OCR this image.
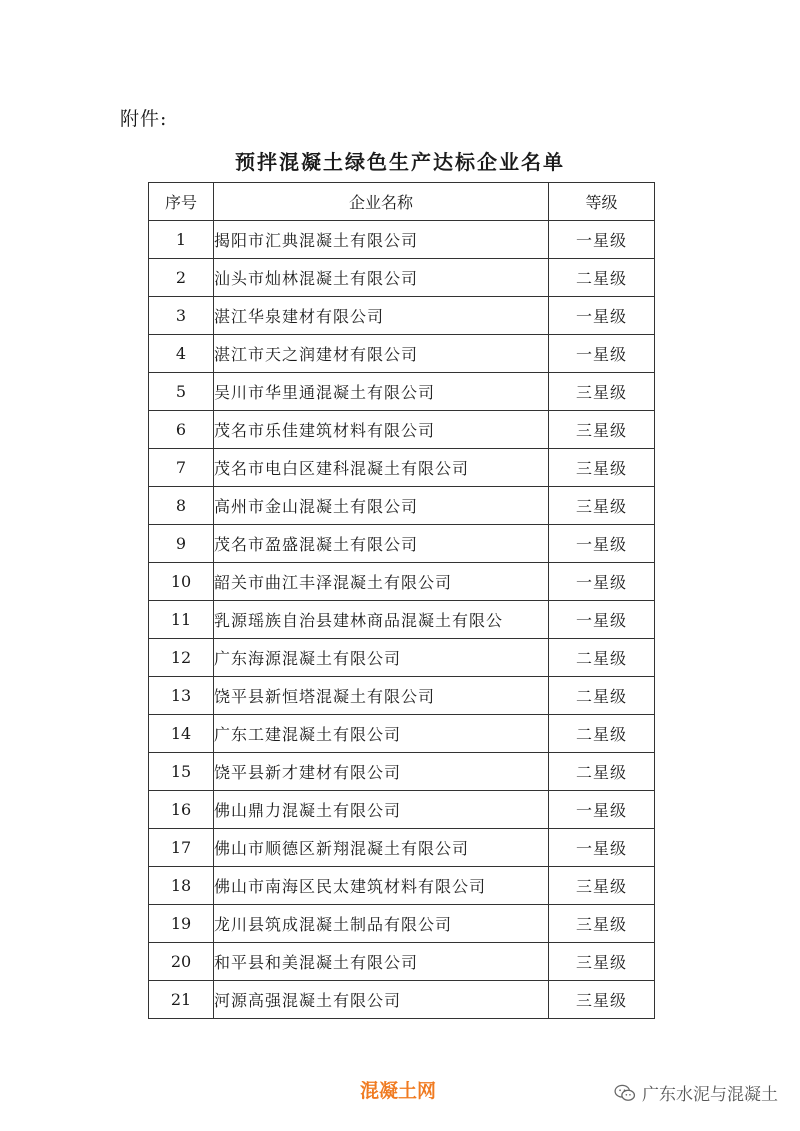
附件:
预拌混凝土绿色生产达标企业名单
序号	企业名称	等级
1	揭阳市汇典混凝土有限公司	一星级
2	汕头市灿林混凝土有限公司	二星级
3	湛江华泉建材有限公司	一星级
4	湛江市天之润建材有限公司	一星级
5	吴川市华里通混凝土有限公司	三星级
6	茂名市乐佳建筑材料有限公司	三星级
7	茂名市电白区建科混凝土有限公司	三星级
8	高州市金山混凝土有限公司	三星级
9	茂名市盈盛混凝土有限公司	一星级
10	韶关市曲江丰泽混凝土有限公司	一星级
11	乳源瑶族自治县建林商品混凝土有限公	一星级
12	广东海源混凝土有限公司	二星级
13	饶平县新恒塔混凝土有限公司	二星级
14	广东工建混凝土有限公司	二星级
15	饶平县新才建材有限公司	二星级
16	佛山鼎力混凝土有限公司	一星级
17	佛山市顺德区新翔混凝土有限公司	一星级
18	佛山市南海区民太建筑材料有限公司	三星级
19	龙川县筑成混凝土制品有限公司	三星级
20	和平县和美混凝土有限公司	三星级
21	河源高强混凝土有限公司	三星级
混凝土网	广东水泥与混凝土
